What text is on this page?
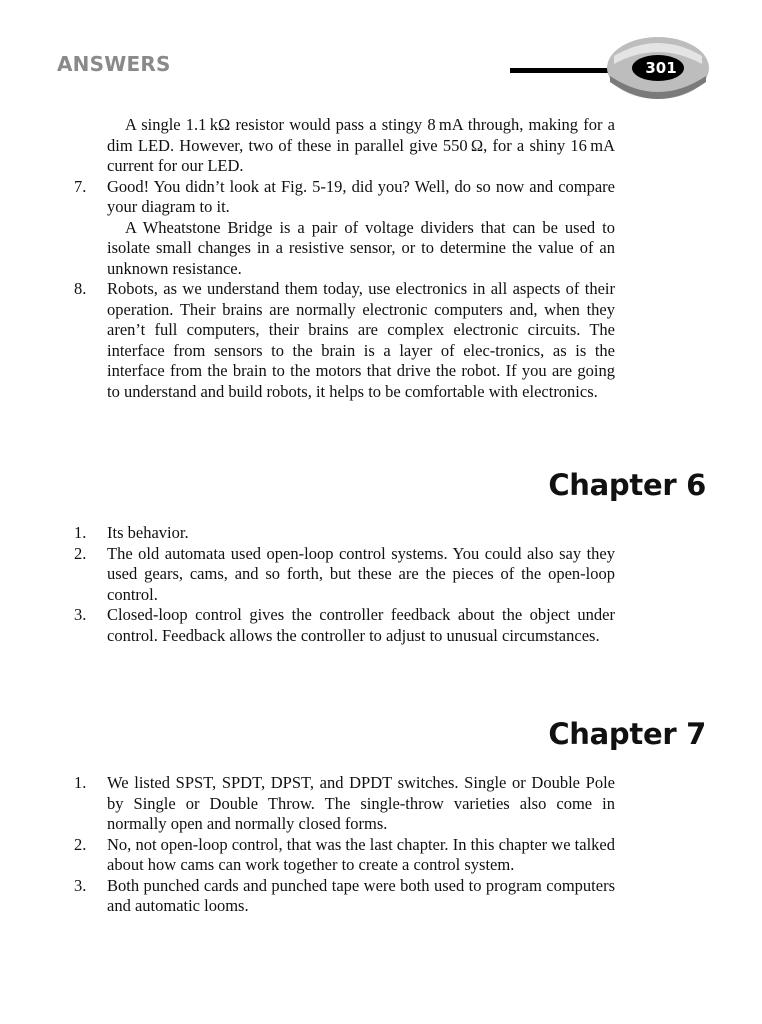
ANSWERS	301

A single 1.1 kΩ resistor would pass a stingy 8 mA through, making for a dim LED. However, two of these in parallel give 550 Ω, for a shiny 16 mA current for our LED.

7.	Good! You didn’t look at Fig. 5-19, did you? Well, do so now and compare your diagram to it.

A Wheatstone Bridge is a pair of voltage dividers that can be used to isolate small changes in a resistive sensor, or to determine the value of an unknown resistance.

8.	Robots, as we understand them today, use electronics in all aspects of their operation. Their brains are normally electronic computers and, when they aren’t full computers, their brains are complex electronic circuits. The interface from sensors to the brain is a layer of elec-tronics, as is the interface from the brain to the motors that drive the robot. If you are going to understand and build robots, it helps to be comfortable with electronics.

Chapter 6
1.	Its behavior.

2.	The old automata used open-loop control systems. You could also say they used gears, cams, and so forth, but these are the pieces of the open-loop control.

3.	Closed-loop control gives the controller feedback about the object under control. Feedback allows the controller to adjust to unusual circumstances.

Chapter 7
1.	We listed SPST, SPDT, DPST, and DPDT switches. Single or Double Pole by Single or Double Throw. The single-throw varieties also come in normally open and normally closed forms.

2.	No, not open-loop control, that was the last chapter. In this chapter we talked about how cams can work together to create a control system.

3.	Both punched cards and punched tape were both used to program computers and automatic looms.
